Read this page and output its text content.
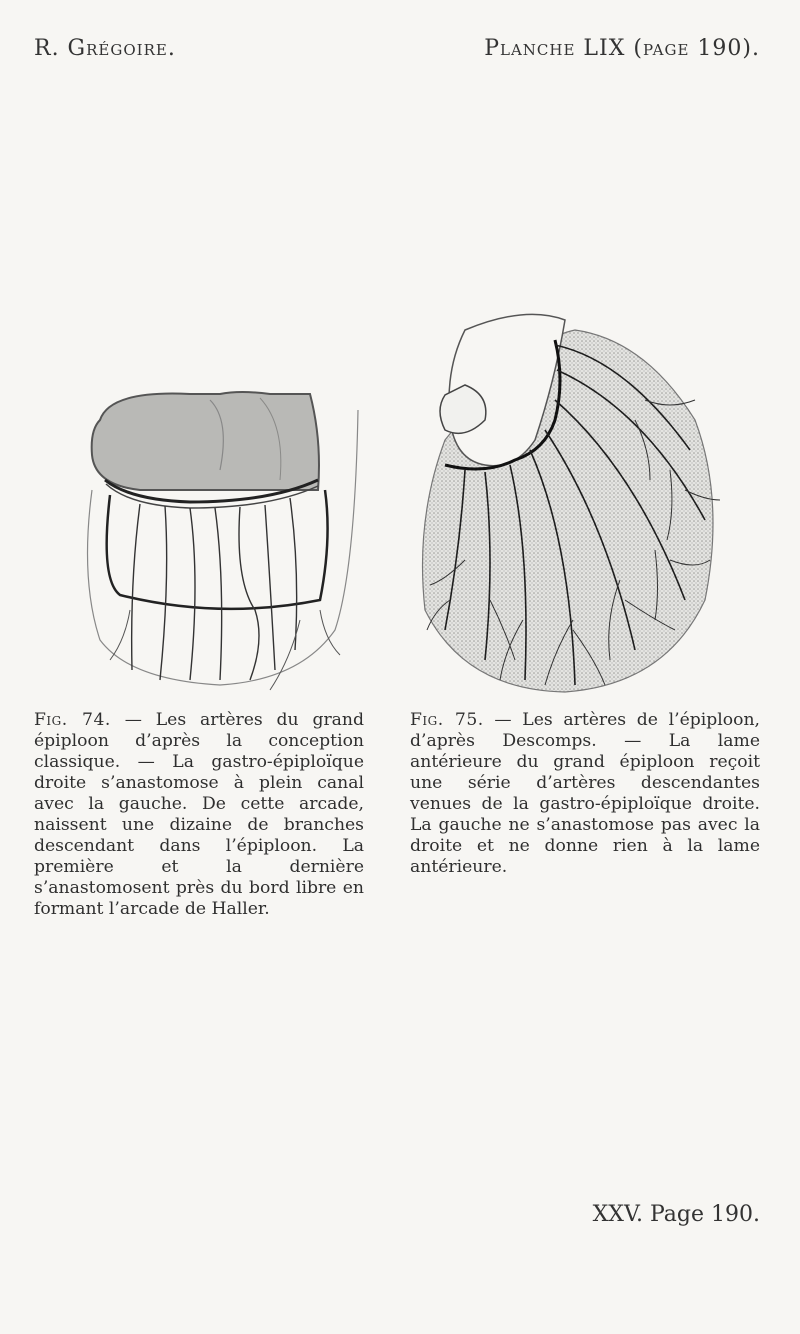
R. Grégoire.	Planche LIX (page 190).
Fig. 74. — Les artères du grand épiploon d’après la conception classique. — La gastro-épiploïque droite s’anastomose à plein canal avec la gauche. De cette arcade, naissent une dizaine de branches descendant dans l’épiploon. La première et la dernière s’anastomosent près du bord libre en formant l’arcade de Haller.
Fig. 75. — Les artères de l’épiploon, d’après Descomps. — La lame antérieure du grand épiploon reçoit une série d’artères descendantes venues de la gastro-épiploïque droite. La gauche ne s’anastomose pas avec la droite et ne donne rien à la lame antérieure.
XXV. Page 190.
